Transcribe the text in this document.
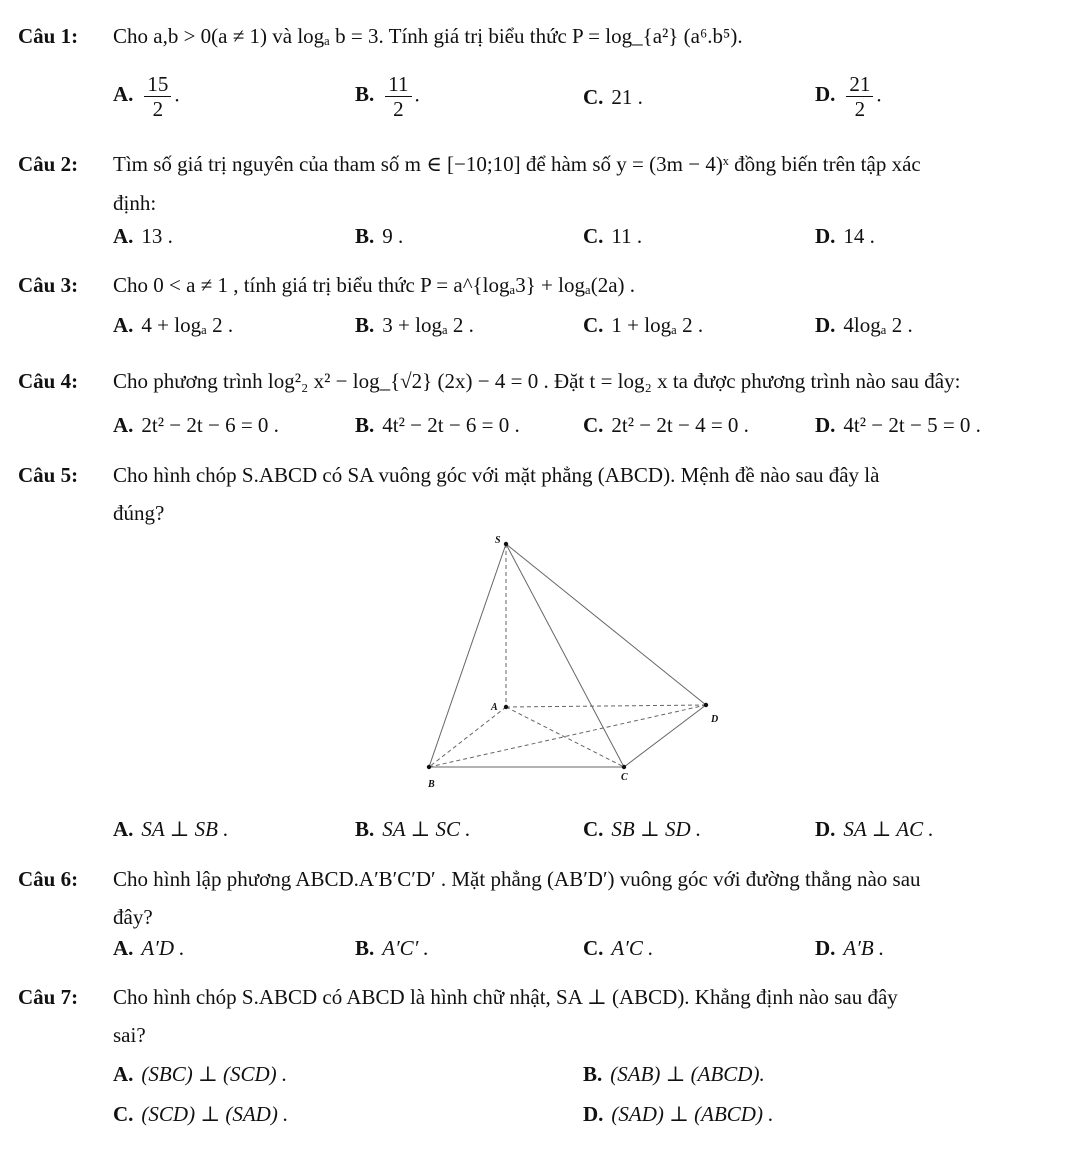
Câu 1: Cho a,b > 0(a ≠ 1) và logₐ b = 3. Tính giá trị biểu thức P = log_{a²} (a⁶.b⁵).
A. $\frac{15}{2}$ .	B. $\frac{11}{2}$ .	C. 21 .	D. $\frac{21}{2}$ .
Câu 2: Tìm số giá trị nguyên của tham số m ∈ [−10;10] để hàm số y = (3m − 4)ˣ đồng biến trên tập xác
định:
A. 13 .	B. 9 .	C. 11 .	D. 14 .
Câu 3: Cho 0 < a ≠ 1 , tính giá trị biểu thức P = a^{logₐ3} + logₐ(2a) .
A. 4 + logₐ 2 .	B. 3 + logₐ 2 .	C. 1 + logₐ 2 .	D. 4logₐ 2 .
Câu 4: Cho phương trình log²₂ x² − log_{√2} (2x) − 4 = 0 . Đặt t = log₂ x ta được phương trình nào sau đây:
A. 2t² − 2t − 6 = 0 .	B. 4t² − 2t − 6 = 0 .	C. 2t² − 2t − 4 = 0 .	D. 4t² − 2t − 5 = 0 .
Câu 5: Cho hình chóp S.ABCD có SA vuông góc với mặt phẳng (ABCD). Mệnh đề nào sau đây là
đúng?
S
A
B
C
D
A. SA ⊥ SB .	B. SA ⊥ SC .	C. SB ⊥ SD .	D. SA ⊥ AC .
Câu 6: Cho hình lập phương ABCD.A′B′C′D′ . Mặt phẳng (AB′D′) vuông góc với đường thẳng nào sau
đây?
A. A′D .	B. A′C′ .	C. A′C .	D. A′B .
Câu 7: Cho hình chóp S.ABCD có ABCD là hình chữ nhật, SA ⊥ (ABCD). Khẳng định nào sau đây
sai?
A. (SBC) ⊥ (SCD) .	B. (SAB) ⊥ (ABCD).
C. (SCD) ⊥ (SAD) .	D. (SAD) ⊥ (ABCD) .
